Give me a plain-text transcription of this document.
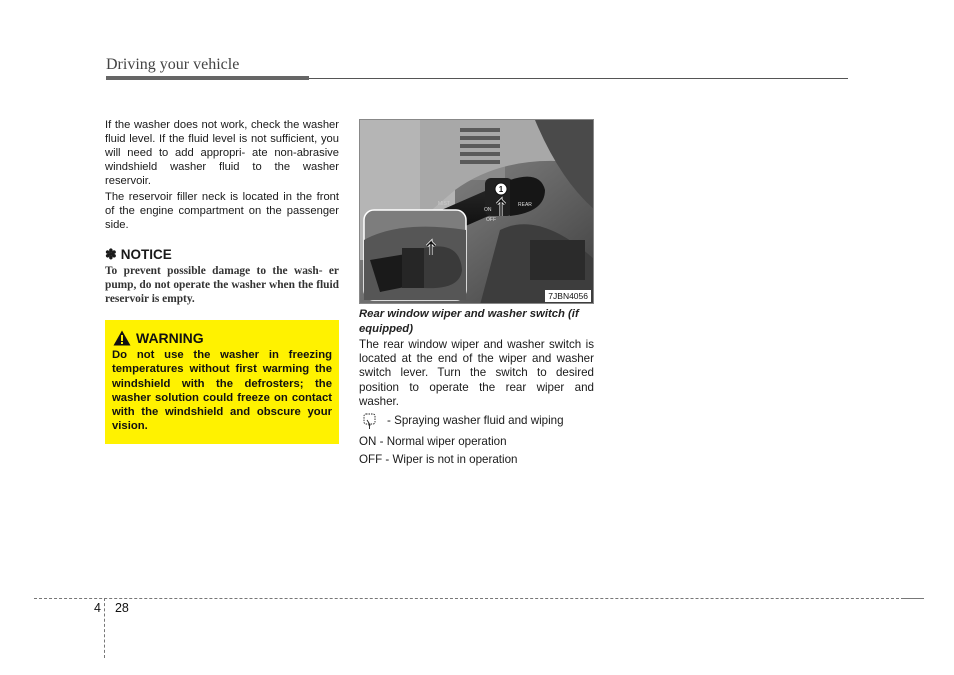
Driving your vehicle

If the washer does not work, check the washer fluid level. If the fluid level is not sufficient, you will need to add appropri- ate non-abrasive windshield washer fluid to the washer reservoir.

The reservoir filler neck is located in the front of the engine compartment on the passenger side.

✽ NOTICE
To prevent possible damage to the wash- er pump, do not operate the washer when the fluid reservoir is empty.
WARNING
Do not use the washer in freezing temperatures without first warming the windshield with the defrosters; the washer solution could freeze on contact with the windshield and obscure your vision.
1
MIST
OFF
ON
REAR
7JBN4056
Rear window wiper and washer switch (if equipped)
The rear window wiper and washer switch is located at the end of the wiper and washer switch lever. Turn the switch to desired position to operate the rear wiper and washer.
- Spraying washer fluid and wiping
ON - Normal wiper operation
OFF - Wiper is not in operation
4 28
